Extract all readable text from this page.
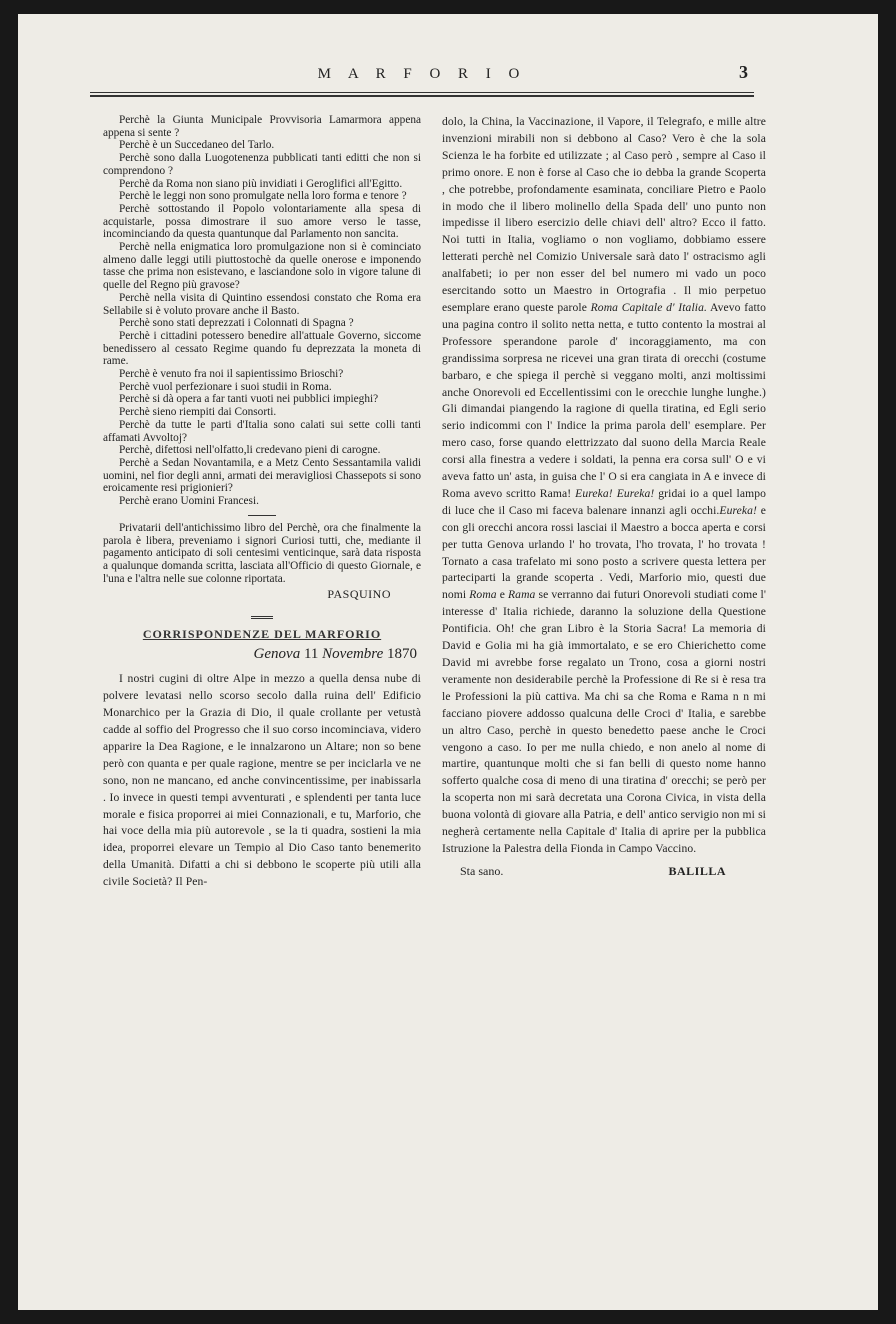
M A R F O R I O	3

Perchè la Giunta Municipale Provvisoria Lamarmora appena appena si sente ?

Perchè è un Succedaneo del Tarlo.

Perchè sono dalla Luogotenenza pubblicati tanti editti che non si comprendono ?

Perchè da Roma non siano più invidiati i Geroglifici all'Egitto.

Perchè le leggi non sono promulgate nella loro forma e tenore ?

Perchè sottostando il Popolo volontariamente alla spesa di acquistarle, possa dimostrare il suo amore verso le tasse, incominciando da questa quantunque dal Parlamento non sancita.

Perchè nella enigmatica loro promulgazione non si è cominciato almeno dalle leggi utili piuttostochè da quelle onerose e imponendo tasse che prima non esistevano, e lasciandone solo in vigore talune di quelle del Regno più gravose?

Perchè nella visita di Quintino essendosi constato che Roma era Sellabile si è voluto provare anche il Basto.

Perchè sono stati deprezzati i Colonnati di Spagna ?

Perchè i cittadini potessero benedire all'attuale Governo, siccome benedissero al cessato Regime quando fu deprezzata la moneta di rame.

Perchè è venuto fra noi il sapientissimo Brioschi?

Perchè vuol perfezionare i suoi studii in Roma.

Perchè si dà opera a far tanti vuoti nei pubblici impieghi?

Perchè sieno riempiti dai Consorti.

Perchè da tutte le parti d'Italia sono calati sui sette colli tanti affamati Avvoltoj?

Perchè, difettosi nell'olfatto,li credevano pieni di carogne.

Perchè a Sedan Novantamila, e a Metz Cento Sessantamila validi uomini, nel fior degli anni, armati dei meravigliosi Chassepots si sono eroicamente resi prigionieri?

Perchè erano Uomini Francesi.

Privatarii dell'antichissimo libro del Perchè, ora che finalmente la parola è libera, preveniamo i signori Curiosi tutti, che, mediante il pagamento anticipato di soli centesimi venticinque, sarà data risposta a qualunque domanda scritta, lasciata all'Officio di questo Giornale, e l'una e l'altra nelle sue colonne riportata.

PASQUINO
CORRISPONDENZE DEL MARFORIO
Genova 11 Novembre 1870

I nostri cugini di oltre Alpe in mezzo a quella densa nube di polvere levatasi nello scorso secolo dalla ruina dell' Edificio Monarchico per la Grazia di Dio, il quale crollante per vetustà cadde al soffio del Progresso che il suo corso incominciava, videro apparire la Dea Ragione, e le innalzarono un Altare; non so bene però con quanta e per quale ragione, mentre se per inciclarla ve ne sono, non ne mancano, ed anche convincentissime, per inabissarla . Io invece in questi tempi avventurati , e splendenti per tanta luce morale e fisica proporrei ai miei Connazionali, e tu, Marforio, che hai voce della mia più autorevole , se la ti quadra, sostieni la mia idea, proporrei elevare un Tempio al Dio Caso tanto benemerito della Umanità. Difatti a chi si debbono le scoperte più utili alla civile Società? Il Pen-

dolo, la China, la Vaccinazione, il Vapore, il Telegrafo, e mille altre invenzioni mirabili non si debbono al Caso? Vero è che la sola Scienza le ha forbite ed utilizzate ; al Caso però , sempre al Caso il primo onore. E non è forse al Caso che io debba la grande Scoperta , che potrebbe, profondamente esaminata, conciliare Pietro e Paolo in modo che il libero molinello della Spada dell' uno punto non impedisse il libero esercizio delle chiavi dell' altro? Ecco il fatto. Noi tutti in Italia, vogliamo o non vogliamo, dobbiamo essere letterati perchè nel Comizio Universale sarà dato l' ostracismo agli analfabeti; io per non esser del bel numero mi vado un poco esercitando sotto un Maestro in Ortografia . Il mio perpetuo esemplare erano queste parole Roma Capitale d' Italia. Avevo fatto una pagina contro il solito netta netta, e tutto contento la mostrai al Professore sperandone parole d' incoraggiamento, ma con grandissima sorpresa ne ricevei una gran tirata di orecchi (costume barbaro, e che spiega il perchè si veggano molti, anzi moltissimi anche Onorevoli ed Eccellentissimi con le orecchie lunghe lunghe.) Gli dimandai piangendo la ragione di quella tiratina, ed Egli serio serio indicommi con l' Indice la prima parola dell' esemplare. Per mero caso, forse quando elettrizzato dal suono della Marcia Reale corsi alla finestra a vedere i soldati, la penna era corsa sull' O e vi aveva fatto un' asta, in guisa che l' O si era cangiata in A e invece di Roma avevo scritto Rama! Eureka! Eureka! gridai io a quel lampo di luce che il Caso mi faceva balenare innanzi agli occhi.Eureka! e con gli orecchi ancora rossi lasciai il Maestro a bocca aperta e corsi per tutta Genova urlando l' ho trovata, l'ho trovata, l' ho trovata ! Tornato a casa trafelato mi sono posto a scrivere questa lettera per parteciparti la grande scoperta . Vedi, Marforio mio, questi due nomi Roma e Rama se verranno dai futuri Onorevoli studiati come l' interesse d' Italia richiede, daranno la soluzione della Questione Pontificia. Oh! che gran Libro è la Storia Sacra! La memoria di David e Golia mi ha già immortalato, e se ero Chierichetto come David mi avrebbe forse regalato un Trono, cosa a giorni nostri veramente non desiderabile perchè la Professione di Re si è resa tra le Professioni la più cattiva. Ma chi sa che Roma e Rama n n mi facciano piovere addosso qualcuna delle Croci d' Italia, e sarebbe un altro Caso, perchè in questo benedetto paese anche le Croci vengono a caso. Io per me nulla chiedo, e non anelo al nome di martire, quantunque molti che si fan belli di questo nome hanno sofferto qualche cosa di meno di una tiratina d' orecchi; se però per la scoperta non mi sarà decretata una Corona Civica, in vista della buona volontà di giovare alla Patria, e dell' antico servigio non mi si negherà certamente nella Capitale d' Italia di aprire per la pubblica Istruzione la Palestra della Fionda in Campo Vaccino.

Sta sano.	BALILLA
